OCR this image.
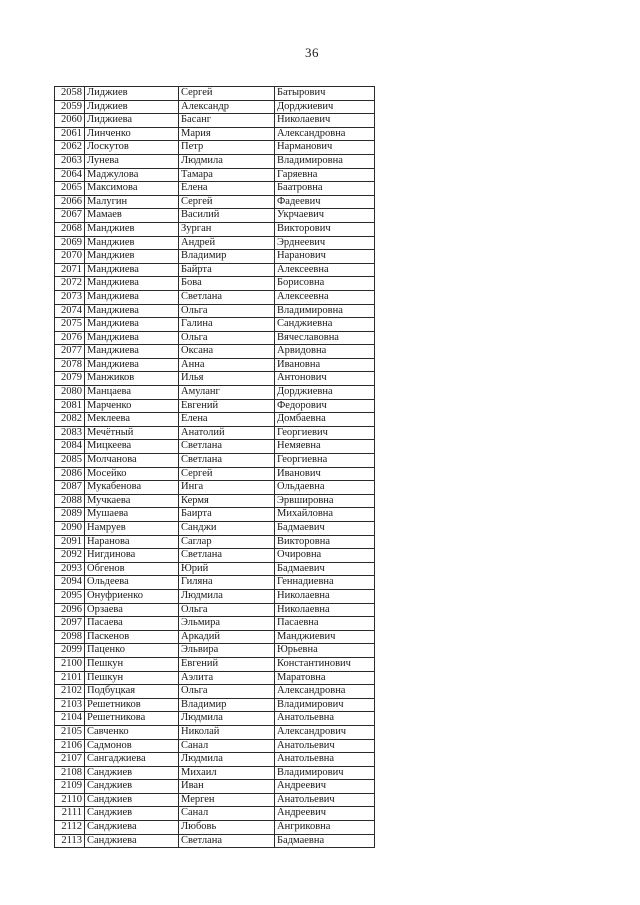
36
2058	Лиджиев	Сергей	Батырович
2059	Лиджиев	Александр	Дорджиевич
2060	Лиджиева	Басанг	Николаевич
2061	Линченко	Мария	Александровна
2062	Лоскутов	Петр	Нарманович
2063	Лунева	Людмила	Владимировна
2064	Маджулова	Тамара	Гаряевна
2065	Максимова	Елена	Баатровна
2066	Малугин	Сергей	Фадеевич
2067	Мамаев	Василий	Укрчаевич
2068	Манджиев	Зурган	Викторович
2069	Манджиев	Андрей	Эрднеевич
2070	Манджиев	Владимир	Наранович
2071	Манджиева	Байрта	Алексеевна
2072	Манджиева	Бова	Борисовна
2073	Манджиева	Светлана	Алексеевна
2074	Манджиева	Ольга	Владимировна
2075	Манджиева	Галина	Санджиевна
2076	Манджиева	Ольга	Вячеславовна
2077	Манджиева	Оксана	Арвидовна
2078	Манджиева	Анна	Ивановна
2079	Манжиков	Илья	Антонович
2080	Манцаева	Амуланг	Дорджиевна
2081	Марченко	Евгений	Федорович
2082	Меклеева	Елена	Домбаевна
2083	Мечётный	Анатолий	Георгиевич
2084	Мицкеева	Светлана	Немяевна
2085	Молчанова	Светлана	Георгиевна
2086	Мосейко	Сергей	Иванович
2087	Мукабенова	Инга	Ольдаевна
2088	Мучкаева	Кермя	Эрвшировна
2089	Мушаева	Баирта	Михайловна
2090	Намруев	Санджи	Бадмаевич
2091	Наранова	Саглар	Викторовна
2092	Нигдинова	Светлана	Очировна
2093	Обгенов	Юрий	Бадмаевич
2094	Ольдеева	Гиляна	Геннадиевна
2095	Онуфриенко	Людмила	Николаевна
2096	Орзаева	Ольга	Николаевна
2097	Пасаева	Эльмира	Пасаевна
2098	Паскенов	Аркадий	Манджиевич
2099	Паценко	Эльвира	Юрьевна
2100	Пешкун	Евгений	Константинович
2101	Пешкун	Аэлита	Маратовна
2102	Подбуцкая	Ольга	Александровна
2103	Решетников	Владимир	Владимирович
2104	Решетникова	Людмила	Анатольевна
2105	Савченко	Николай	Александрович
2106	Садмонов	Санал	Анатольевич
2107	Сангаджиева	Людмила	Анатольевна
2108	Санджиев	Михаил	Владимирович
2109	Санджиев	Иван	Андреевич
2110	Санджиев	Мерген	Анатольевич
2111	Санджиев	Санал	Андреевич
2112	Санджиева	Любовь	Ангриковна
2113	Санджиева	Светлана	Бадмаевна
